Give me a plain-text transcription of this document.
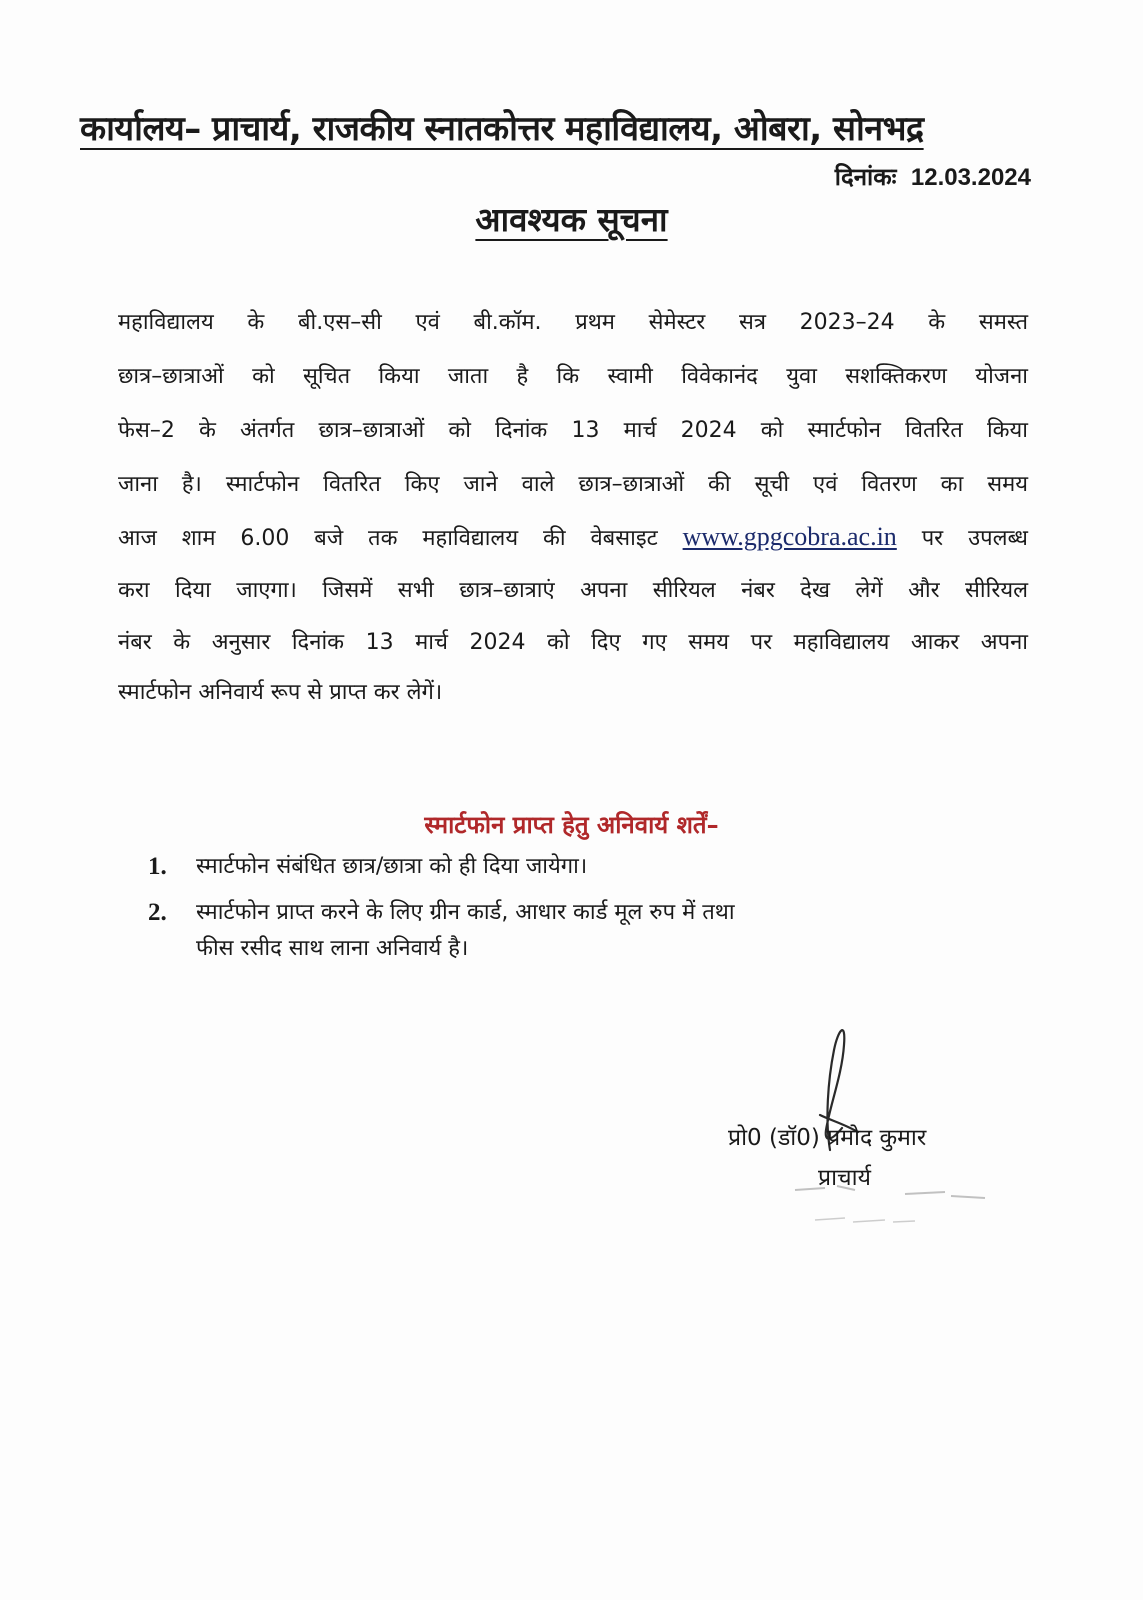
कार्यालय– प्राचार्य, राजकीय स्नातकोत्तर महाविद्यालय, ओबरा, सोनभद्र
दिनांकः 12.03.2024
आवश्यक सूचना
महाविद्यालय के बी.एस–सी एवं बी.कॉम. प्रथम सेमेस्टर सत्र 2023–24 के समस्त
छात्र–छात्राओं को सूचित किया जाता है कि स्वामी विवेकानंद युवा सशक्तिकरण योजना
फेस–2 के अंतर्गत छात्र–छात्राओं को दिनांक 13 मार्च 2024 को स्मार्टफोन वितरित किया
जाना है। स्मार्टफोन वितरित किए जाने वाले छात्र–छात्राओं की सूची एवं वितरण का समय
आज शाम 6.00 बजे तक महाविद्यालय की वेबसाइट www.gpgcobra.ac.in पर उपलब्ध
करा दिया जाएगा। जिसमें सभी छात्र–छात्राएं अपना सीरियल नंबर देख लेगें और सीरियल
नंबर के अनुसार दिनांक 13 मार्च 2024 को दिए गए समय पर महाविद्यालय आकर अपना
स्मार्टफोन अनिवार्य रूप से प्राप्त कर लेगें।
स्मार्टफोन प्राप्त हेतु अनिवार्य शर्तें–
1. स्मार्टफोन संबंधित छात्र/छात्रा को ही दिया जायेगा।
2. स्मार्टफोन प्राप्त करने के लिए ग्रीन कार्ड, आधार कार्ड मूल रुप में तथा
फीस रसीद साथ लाना अनिवार्य है।
प्रो0 (डॉ0) प्रमोद कुमार
प्राचार्य
